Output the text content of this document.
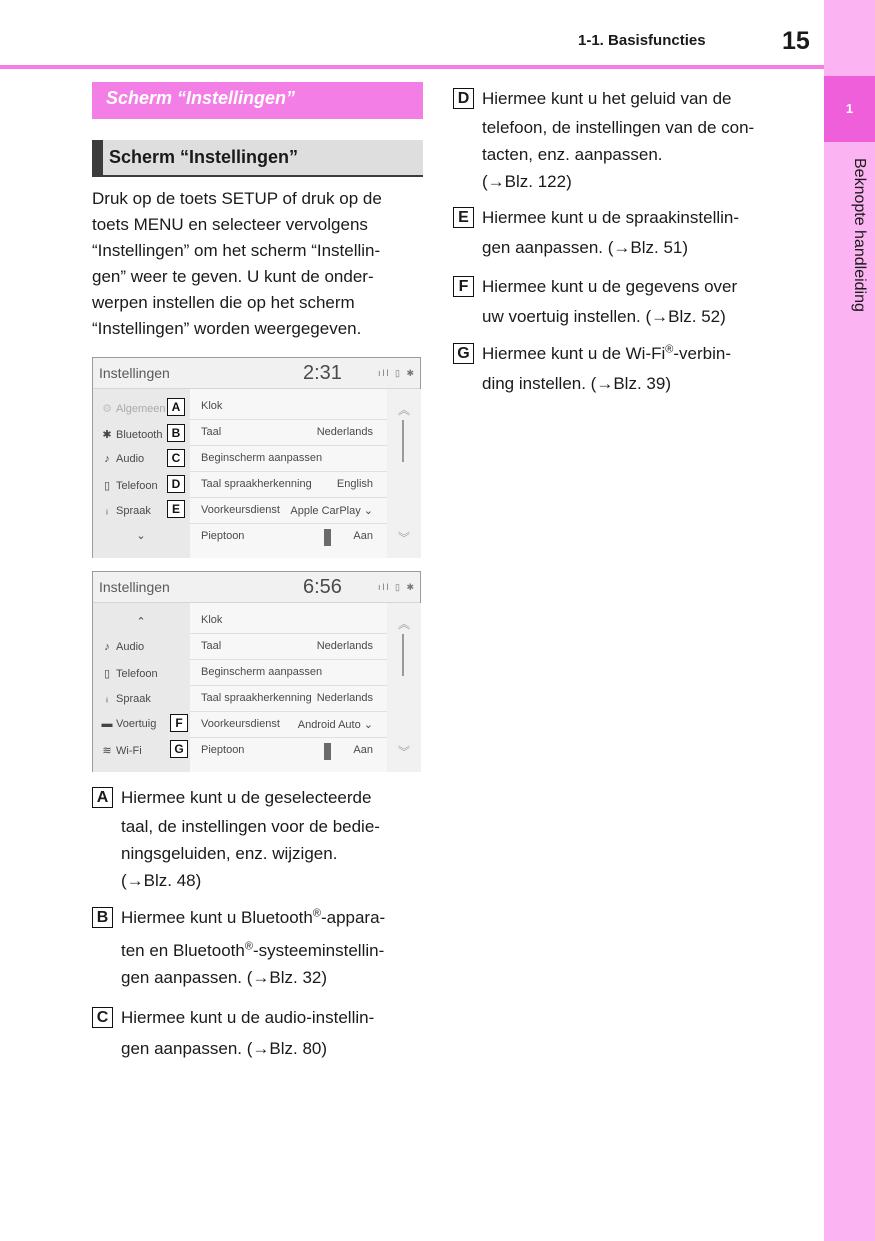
1-1. Basisfuncties	15
1
Beknopte handleiding
Scherm “Instellingen”
Scherm “Instellingen”
Druk op de toets SETUP of druk op de
toets MENU en selecteer vervolgens
“Instellingen” om het scherm “Instellin-
gen” weer te geven. U kunt de onder-
werpen instellen die op het scherm
“Instellingen” worden weergegeven.
Instellingen	2:31	ıll ▯ ✱
⚙ Algemeen
✱ Bluetooth
♪ Audio
▯ Telefoon
ᵢ Spraak
⌄
A
B
C
D
E
Klok
Taal	Nederlands
Beginscherm aanpassen
Taal spraakherkenning English
Voorkeursdienst Apple CarPlay ⌄
Pieptoon	Aan
︽
︾
Instellingen	6:56	ıll ▯ ✱
⌃
♪ Audio
▯ Telefoon
ᵢ Spraak
▬ Voertuig
≋ Wi-Fi
F
G
Klok
Taal	Nederlands
Beginscherm aanpassen
Taal spraakherkenning Nederlands
Voorkeursdienst Android Auto ⌄
Pieptoon	Aan
︽
︾
A Hiermee kunt u de geselecteerde
taal, de instellingen voor de bedie-
ningsgeluiden, enz. wijzigen.
(→Blz. 48)
B Hiermee kunt u Bluetooth®-appara-
ten en Bluetooth®-systeeminstellin-
gen aanpassen. (→Blz. 32)
C Hiermee kunt u de audio-instellin-
gen aanpassen. (→Blz. 80)
D Hiermee kunt u het geluid van de
telefoon, de instellingen van de con-
tacten, enz. aanpassen.
(→Blz. 122)
E Hiermee kunt u de spraakinstellin-
gen aanpassen. (→Blz. 51)
F Hiermee kunt u de gegevens over
uw voertuig instellen. (→Blz. 52)
G Hiermee kunt u de Wi-Fi®-verbin-
ding instellen. (→Blz. 39)
